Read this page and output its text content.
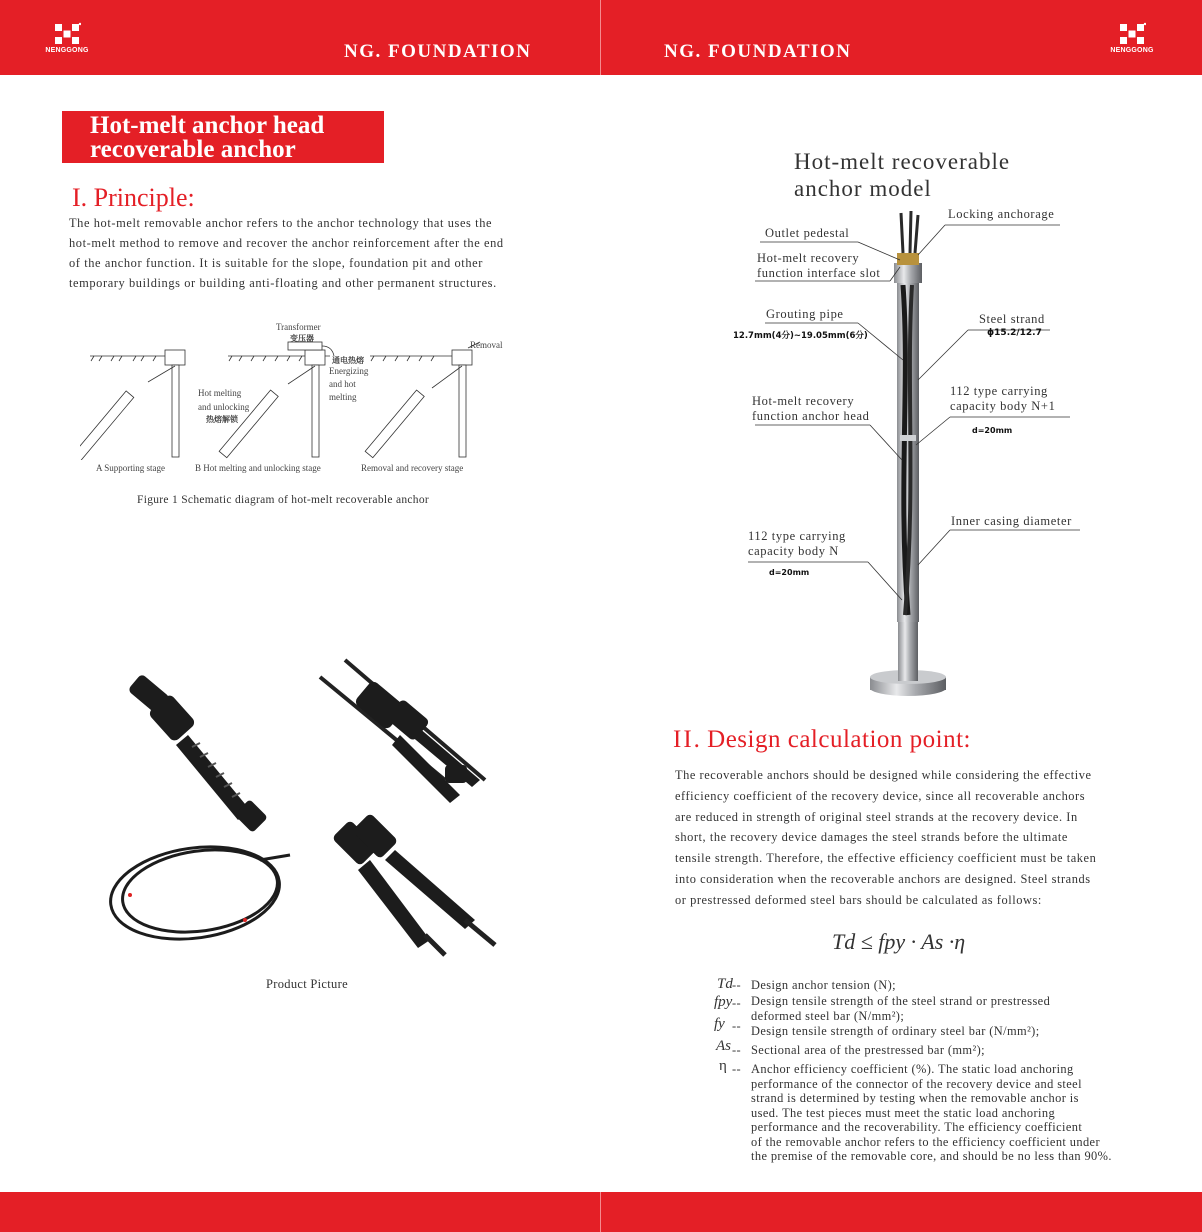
NENGGONG	NG. FOUNDATION	NG. FOUNDATION	NENGGONG
Hot-melt anchor head
recoverable anchor
I. Principle:
The hot-melt removable anchor refers to the anchor technology that uses the
hot-melt method to remove and recover the anchor reinforcement after the end
of the anchor function. It is suitable for the slope, foundation pit and other
temporary buildings or building anti-floating and other permanent structures.
Transformer
变压器
Removal
通电热熔
Energizing
and hot
melting
Hot melting
and unlocking
热熔解锁
A Supporting stage	B Hot melting and unlocking stage	Removal and recovery stage
Figure 1 Schematic diagram of hot-melt recoverable anchor
Product Picture
Hot-melt recoverable
anchor model
Locking anchorage
Outlet pedestal
Hot-melt recovery
function interface slot
Grouting pipe
12.7mm(4分)~19.05mm(6分)
Steel strand
ϕ15.2/12.7
112 type carrying
capacity body N+1
d=20mm
Hot-melt recovery
function anchor head
Inner casing diameter
112 type carrying
capacity body N
d=20mm
II. Design calculation point:
The recoverable anchors should be designed while considering the effective
efficiency coefficient of the recovery device, since all recoverable anchors
are reduced in strength of original steel strands at the recovery device. In
short, the recovery device damages the steel strands before the ultimate
tensile strength. Therefore, the effective efficiency coefficient must be taken
into consideration when the recoverable anchors are designed. Steel strands
or prestressed deformed steel bars should be calculated as follows:
Td ≤ fpy · As ·η
Td -- Design anchor tension (N);
fpy -- Design tensile strength of the steel strand or prestressed
deformed steel bar (N/mm²);
fy -- Design tensile strength of ordinary steel bar (N/mm²);
As -- Sectional area of the prestressed bar (mm²);
η -- Anchor efficiency coefficient (%). The static load anchoring
performance of the connector of the recovery device and steel
strand is determined by testing when the removable anchor is
used. The test pieces must meet the static load anchoring
performance and the recoverability. The efficiency coefficient
of the removable anchor refers to the efficiency coefficient under
the premise of the removable core, and should be no less than 90%.
